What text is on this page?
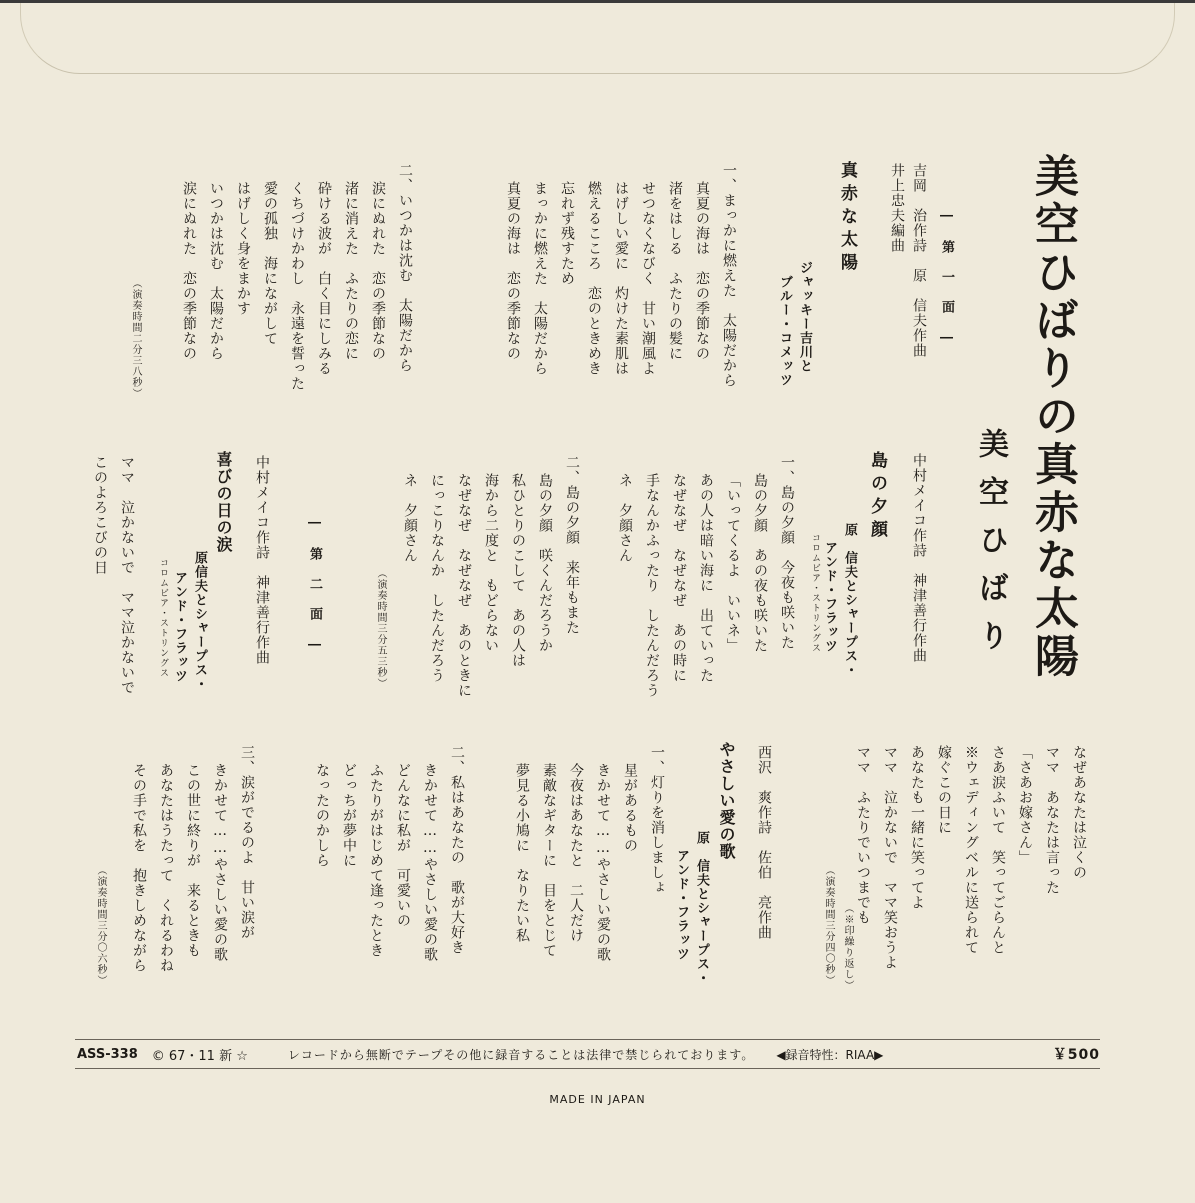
美空ひばりの真赤な太陽
美空ひばり
― 第 一 面 ―
吉岡　治作詩　原　信夫作曲
井上忠夫編曲
真赤な太陽
ジャッキー吉川と
ブルー・コメッツ
一、まっかに燃えた　太陽だから
真夏の海は　恋の季節なの
渚をはしる　ふたりの髪に
せつなくなびく　甘い潮風よ
はげしい愛に　灼けた素肌は
燃えるこころ　恋のときめき
忘れず残すため
まっかに燃えた　太陽だから
真夏の海は　恋の季節なの
二、いつかは沈む　太陽だから
涙にぬれた　恋の季節なの
渚に消えた　ふたりの恋に
砕ける波が　白く目にしみる
くちづけかわし　永遠を誓った
愛の孤独　海にながして
はげしく身をまかす
いつかは沈む　太陽だから
涙にぬれた　恋の季節なの
（演奏時間二分三八秒）
中村メイコ作詩　神津善行作曲
島の夕顔
原　信夫とシャープス・
アンド・フラッツ
コロムビア・ストリングス
一、島の夕顔　今夜も咲いた
島の夕顔　あの夜も咲いた
「いってくるよ　いいネ」
あの人は暗い海に　出ていった
なぜなぜ　なぜなぜ　あの時に
手なんかふったり　したんだろう
ネ　夕顔さん
二、島の夕顔　来年もまた
島の夕顔　咲くんだろうか
私ひとりのこして　あの人は
海から二度と　もどらない
なぜなぜ　なぜなぜ　あのときに
にっこりなんか　したんだろう
ネ　夕顔さん
（演奏時間三分五三秒）
― 第 二 面 ―
中村メイコ作詩　神津善行作曲
喜びの日の涙
原信夫とシャープス・
アンド・フラッツ
コロムビア・ストリングス
ママ　泣かないで　ママ泣かないで
このよろこびの日
なぜあなたは泣くの
ママ　あなたは言った
「さあお嫁さん」
さあ涙ふいて　笑ってごらんと
※ウェディングベルに送られて
嫁ぐこの日に
あなたも一緒に笑ってよ
ママ　泣かないで　ママ笑おうよ
ママ　ふたりでいつまでも
（※印繰り返し）
（演奏時間三分四〇秒）
西沢　爽作詩　佐伯　亮作曲
やさしい愛の歌
原　信夫とシャープス・
アンド・フラッツ
一、灯りを消しましょ
星があるもの
きかせて……やさしい愛の歌
今夜はあなたと　二人だけ
素敵なギターに　目をとじて
夢見る小鳩に　なりたい私
二、私はあなたの　歌が大好き
きかせて……やさしい愛の歌
どんなに私が　可愛いの
ふたりがはじめて逢ったとき
どっちが夢中に
なったのかしら
三、涙がでるのよ　甘い涙が
きかせて……やさしい愛の歌
この世に終りが　来るときも
あなたはうたって　くれるわね
その手で私を　抱きしめながら
（演奏時間三分〇六秒）
ASS-338 © 67・11 新 ☆	レコードから無断でテープその他に録音することは法律で禁じられております。 ◀録音特性：RIAA▶	￥500
MADE IN JAPAN
